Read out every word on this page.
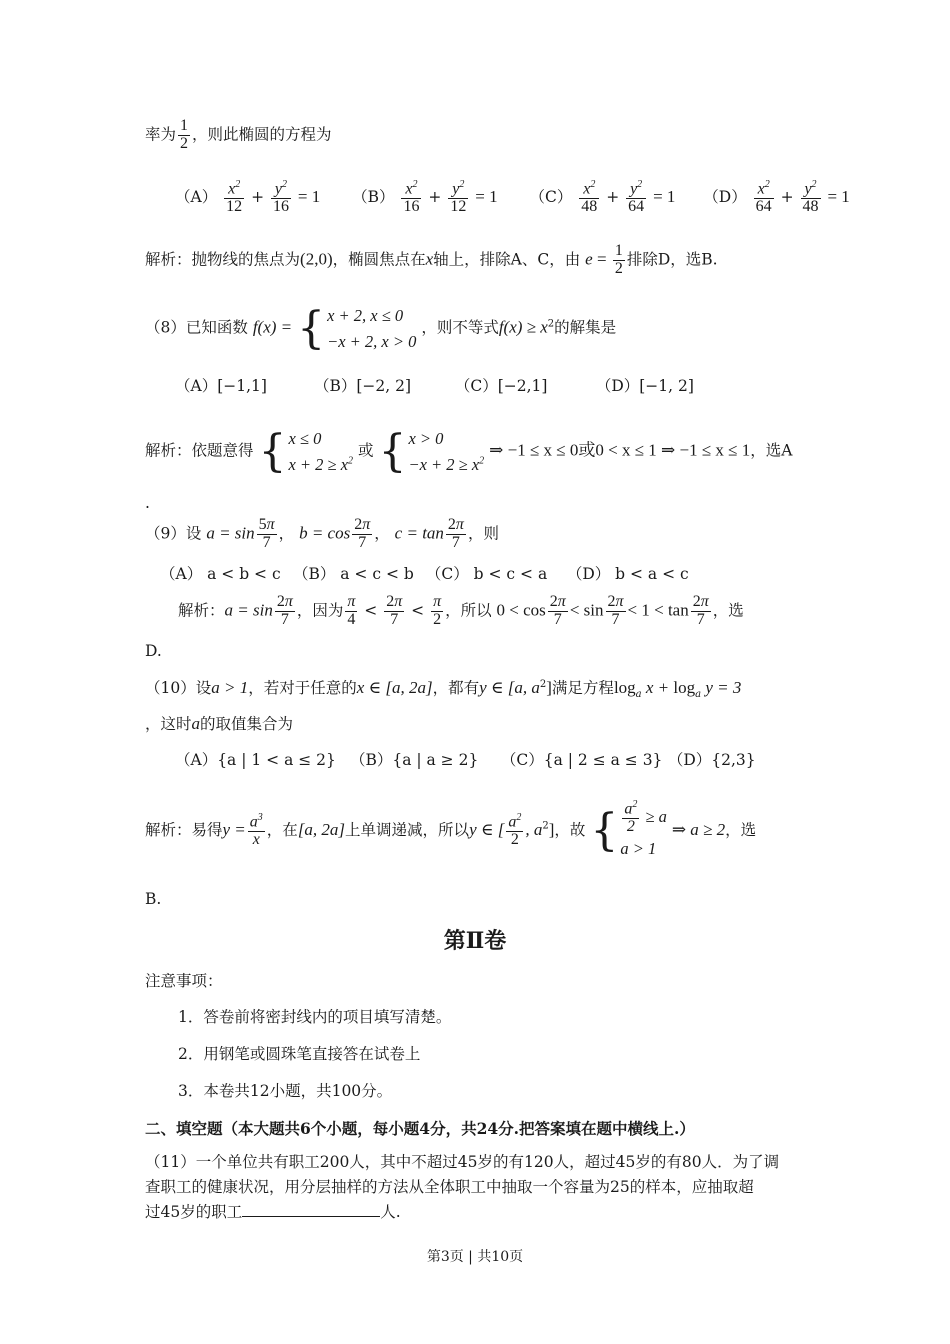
率为 $\frac{1}{2}$ ，则此椭圆的方程为
$(A) \frac{x^2}{12} + \frac{y^2}{16} = 1$ $(B) \frac{x^2}{16} + \frac{y^2}{12} = 1$ $(C) \frac{x^2}{48} + \frac{y^2}{64} = 1$ $(D) \frac{x^2}{64} + \frac{y^2}{48} = 1$
解析：抛物线的焦点为(2,0)，椭圆焦点在x轴上，排除A、C，由 $e = \frac{1}{2}$ 排除D，选B.
（8）已知函数 f(x) = { x + 2, x ≤ 0
−x + 2, x > 0
，则不等式$f(x) \ge x^2$的解集是
（A）[−1,1]	（B）[−2, 2]	（C）[−2,1]	（D）[−1, 2]
解析：依题意得 { x ≤ 0
$x + 2 \ge x^2$
或 { x > 0
$-x + 2 \ge x^2$
⇒ −1 ≤ x ≤ 0或0 < x ≤ 1 ⇒ −1 ≤ x ≤ 1，选A
.
（9）设 $a = \sin \frac{5\pi}{7}$ ， $b = \cos \frac{2\pi}{7}$ ， $c = \tan \frac{2\pi}{7}$ ，则
（A） a < b < c （B） a < c < b （C） b < c < a （D） b < a < c
解析：$a = \sin \frac{2\pi}{7}$ ，因为 $\frac{\pi}{4} < \frac{2\pi}{7} < \frac{\pi}{2}$ ，所以 $0 < \cos \frac{2\pi}{7} < \sin \frac{2\pi}{7} < 1 < \tan \frac{2\pi}{7}$ ，选
D.
（10）设a > 1，若对于任意的x ∈ [a, 2a]，都有y ∈ [a, $a^2$]满足方程$\log_a x + \log_a y = 3$
，这时a的取值集合为
（A）{a | 1 < a ≤ 2} （B）{a | a ≥ 2} （C）{a | 2 ≤ a ≤ 3} （D）{2,3}
解析：易得$y = \frac{a^3}{x}$ ，在[a, 2a]上单调递减，所以y ∈ [ $\frac{a^2}{2}$ , $a^2$]，故 { $\frac{a^2}{2} \ge a$
a > 1
⇒ a ≥ 2，选
B.
第Ⅱ卷
注意事项：
1．答卷前将密封线内的项目填写清楚。
2．用钢笔或圆珠笔直接答在试卷上
3．本卷共12小题，共100分。
二、填空题（本大题共6个小题，每小题4分，共24分.把答案填在题中横线上.）
（11）一个单位共有职工200人，其中不超过45岁的有120人，超过45岁的有80人．为了调
查职工的健康状况，用分层抽样的方法从全体职工中抽取一个容量为25的样本，应抽取超
过45岁的职工	人.
第3页 | 共10页
